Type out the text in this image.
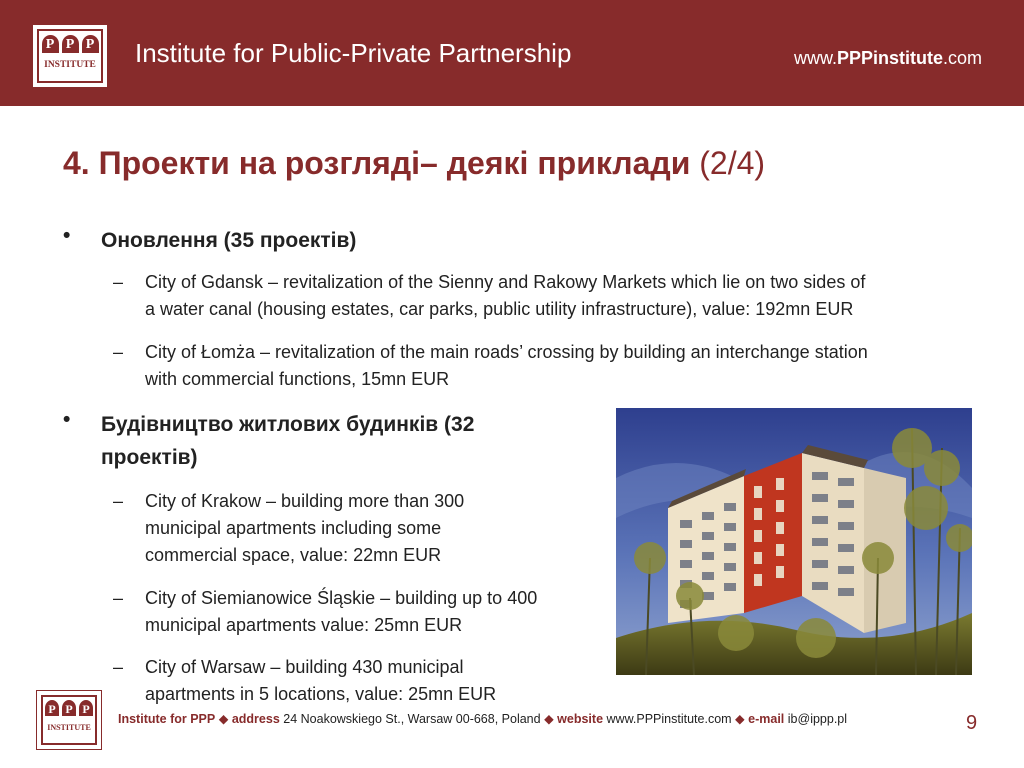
P P P
INSTITUTE	Institute for Public-Private Partnership	www.PPPinstitute.com
4. Проекти на розгляді– деякі приклади (2/4)
• Оновлення (35 проектів)
– City of Gdansk – revitalization of the Sienny and Rakowy Markets which lie on two sides of
a water canal (housing estates, car parks, public utility infrastructure), value: 192mn EUR
– City of Łomża – revitalization of the main roads’ crossing by building an interchange station
with commercial functions, 15mn EUR
• Будівництво житлових будинків (32
проектів)
– City of Krakow – building more than 300
municipal apartments including some
commercial space, value: 22mn EUR
– City of Siemianowice Śląskie – building up to 400
municipal apartments value: 25mn EUR
– City of Warsaw – building 430 municipal
apartments in 5 locations, value: 25mn EUR
P P P
INSTITUTE
Institute for PPP ◆ address 24 Noakowskiego St., Warsaw 00-668, Poland ◆ website www.PPPinstitute.com ◆ e-mail ib@ippp.pl	9
